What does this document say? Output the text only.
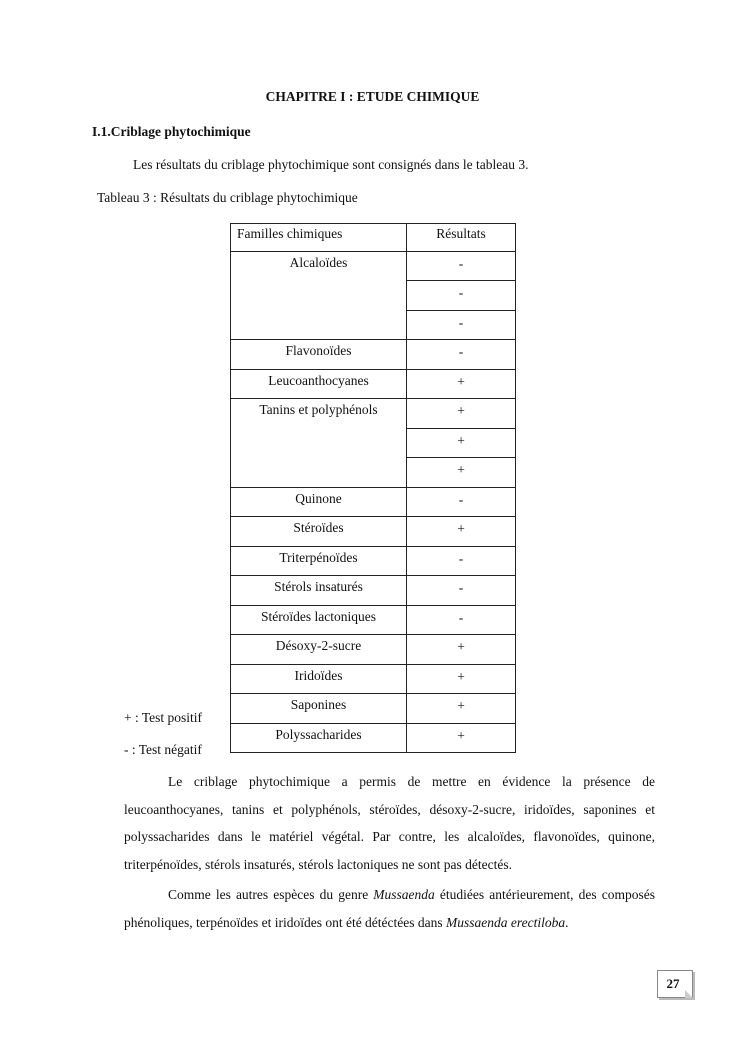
CHAPITRE I : ETUDE CHIMIQUE
I.1.Criblage phytochimique
Les résultats du criblage phytochimique sont consignés dans le tableau 3.
Tableau 3 : Résultats du criblage phytochimique
Familles chimiques	Résultats
Alcaloïdes	-
	-
	-
Flavonoïdes	-
Leucoanthocyanes	+
Tanins et polyphénols	+
	+
	+
Quinone	-
Stéroïdes	+
Triterpénoïdes	-
Stérols insaturés	-
Stéroïdes lactoniques	-
Désoxy-2-sucre	+
Iridoïdes	+
Saponines	+
Polyssacharides	+
+ : Test positif
- : Test négatif
Le criblage phytochimique a permis de mettre en évidence la présence de leucoanthocyanes, tanins et polyphénols, stéroïdes, désoxy-2-sucre, iridoïdes, saponines et polyssacharides dans le matériel végétal. Par contre, les alcaloïdes, flavonoïdes, quinone, triterpénoïdes, stérols insaturés, stérols lactoniques ne sont pas détectés.
Comme les autres espèces du genre Mussaenda étudiées antérieurement, des composés phénoliques, terpénoïdes et iridoïdes ont été détéctées dans Mussaenda erectiloba.
27
